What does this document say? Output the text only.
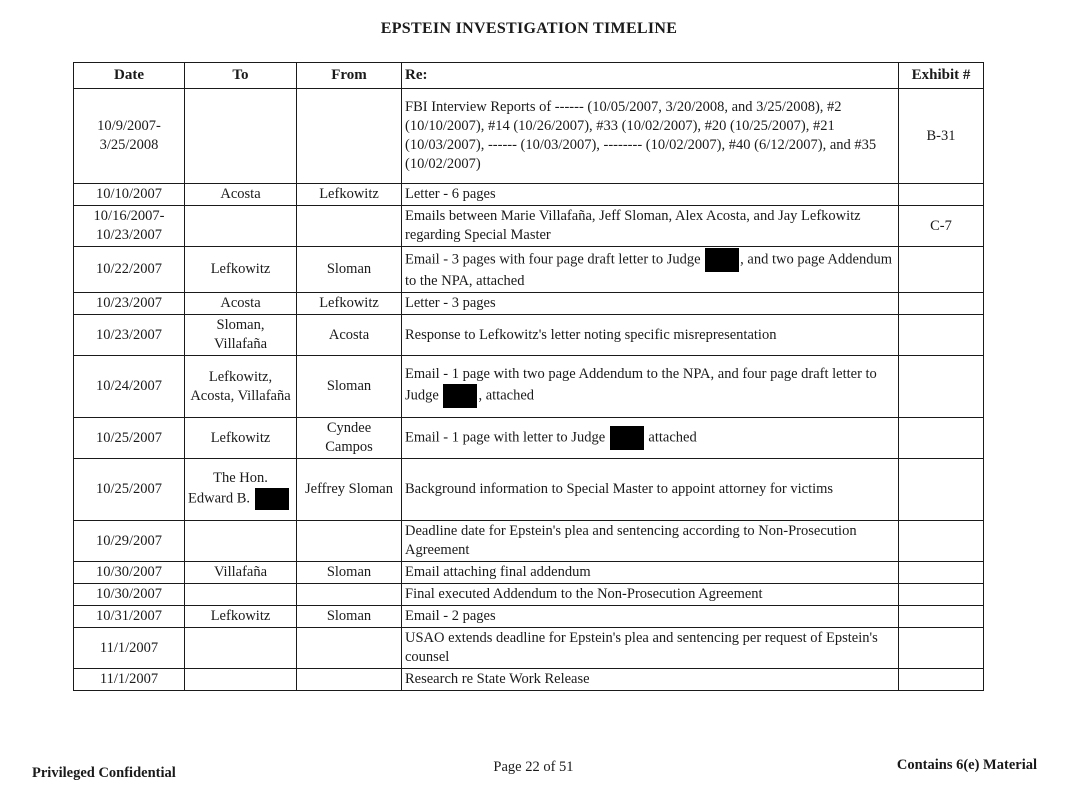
EPSTEIN INVESTIGATION TIMELINE
Date	To	From	Re:	Exhibit #
10/9/2007-
3/25/2008			FBI Interview Reports of ------ (10/05/2007, 3/20/2008, and 3/25/2008), #2 (10/10/2007), #14 (10/26/2007), #33 (10/02/2007), #20 (10/25/2007), #21 (10/03/2007), ------ (10/03/2007), -------- (10/02/2007), #40 (6/12/2007), and #35 (10/02/2007)	B-31
10/10/2007	Acosta	Lefkowitz	Letter - 6 pages	
10/16/2007-
10/23/2007			Emails between Marie Villafaña, Jeff Sloman, Alex Acosta, and Jay Lefkowitz regarding Special Master	C-7
10/22/2007	Lefkowitz	Sloman	Email - 3 pages with four page draft letter to Judge , and two page Addendum to the NPA, attached	
10/23/2007	Acosta	Lefkowitz	Letter - 3 pages	
10/23/2007	Sloman,
Villafaña	Acosta	Response to Lefkowitz's letter noting specific misrepresentation	
10/24/2007	Lefkowitz,
Acosta, Villafaña	Sloman	Email - 1 page with two page Addendum to the NPA, and four page draft letter to Judge , attached	
10/25/2007	Lefkowitz	Cyndee
Campos	Email - 1 page with letter to Judge attached	
10/25/2007	The Hon.
Edward B.	Jeffrey Sloman	Background information to Special Master to appoint attorney for victims	
10/29/2007			Deadline date for Epstein's plea and sentencing according to Non-Prosecution Agreement	
10/30/2007	Villafaña	Sloman	Email attaching final addendum	
10/30/2007			Final executed Addendum to the Non-Prosecution Agreement	
10/31/2007	Lefkowitz	Sloman	Email - 2 pages	
11/1/2007			USAO extends deadline for Epstein's plea and sentencing per request of Epstein's counsel	
11/1/2007			Research re State Work Release	
Privileged Confidential	Page 22 of 51	Contains 6(e) Material
